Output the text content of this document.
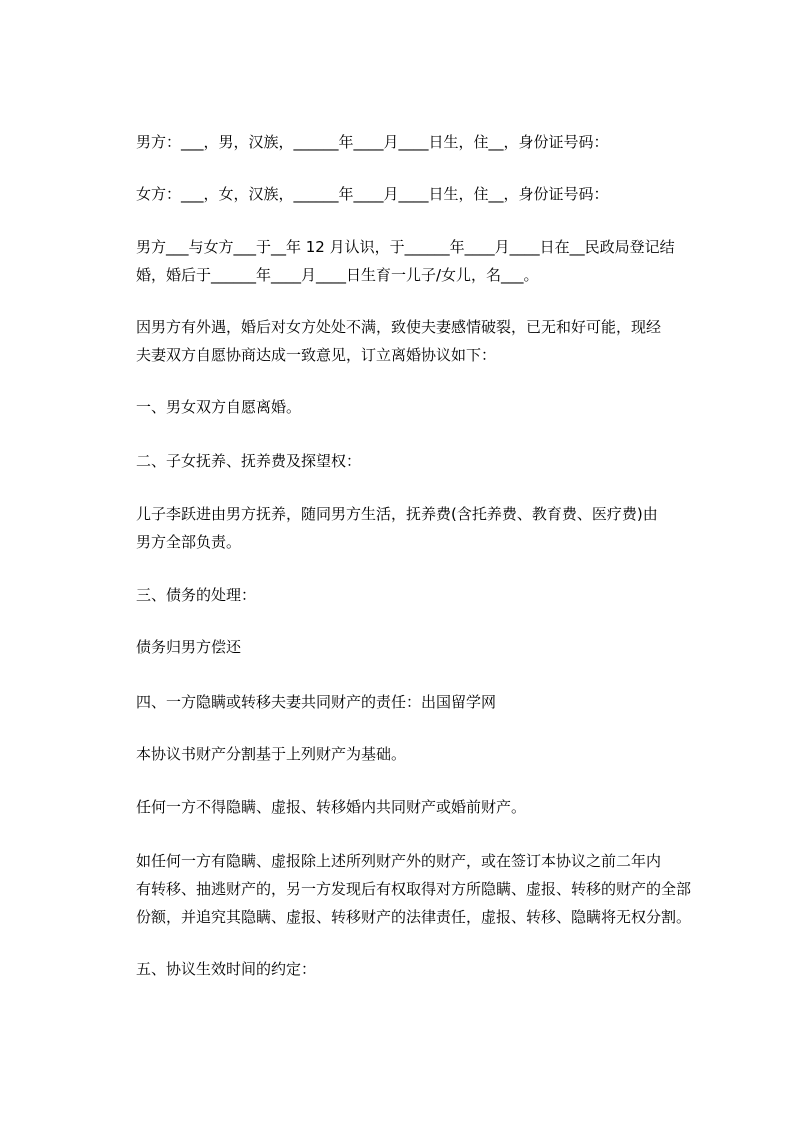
男方：___，男，汉族，______年____月____日生，住__，身份证号码：

女方：___，女，汉族，______年____月____日生，住__，身份证号码：

男方___与女方___于__年 12 月认识，于______年____月____日在__民政局登记结
婚，婚后于______年____月____日生育一儿子/女儿，名___。

因男方有外遇，婚后对女方处处不满，致使夫妻感情破裂，已无和好可能，现经
夫妻双方自愿协商达成一致意见，订立离婚协议如下：

一、男女双方自愿离婚。

二、子女抚养、抚养费及探望权：

儿子李跃进由男方抚养，随同男方生活，抚养费(含托养费、教育费、医疗费)由
男方全部负责。

三、债务的处理：

债务归男方偿还

四、一方隐瞒或转移夫妻共同财产的责任：出国留学网

本协议书财产分割基于上列财产为基础。

任何一方不得隐瞒、虚报、转移婚内共同财产或婚前财产。

如任何一方有隐瞒、虚报除上述所列财产外的财产，或在签订本协议之前二年内
有转移、抽逃财产的，另一方发现后有权取得对方所隐瞒、虚报、转移的财产的全部
份额，并追究其隐瞒、虚报、转移财产的法律责任，虚报、转移、隐瞒将无权分割。

五、协议生效时间的约定：
